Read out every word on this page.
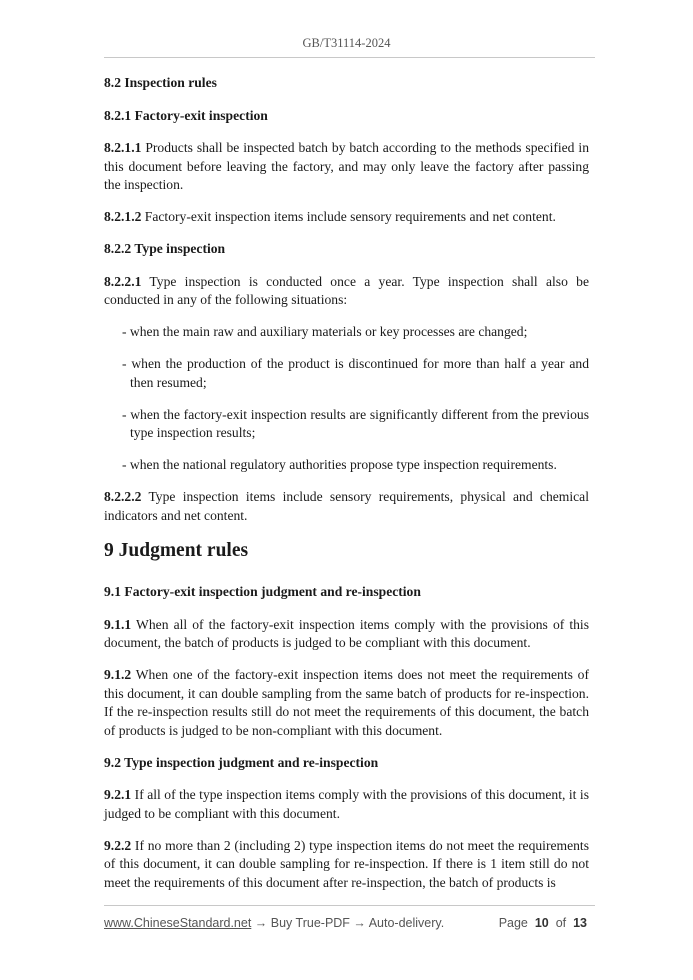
GB/T31114-2024
8.2 Inspection rules
8.2.1 Factory-exit inspection
8.2.1.1 Products shall be inspected batch by batch according to the methods specified in this document before leaving the factory, and may only leave the factory after passing the inspection.
8.2.1.2 Factory-exit inspection items include sensory requirements and net content.
8.2.2 Type inspection
8.2.2.1 Type inspection is conducted once a year. Type inspection shall also be conducted in any of the following situations:
- when the main raw and auxiliary materials or key processes are changed;
- when the production of the product is discontinued for more than half a year and then resumed;
- when the factory-exit inspection results are significantly different from the previous type inspection results;
- when the national regulatory authorities propose type inspection requirements.
8.2.2.2 Type inspection items include sensory requirements, physical and chemical indicators and net content.
9 Judgment rules
9.1 Factory-exit inspection judgment and re-inspection
9.1.1 When all of the factory-exit inspection items comply with the provisions of this document, the batch of products is judged to be compliant with this document.
9.1.2 When one of the factory-exit inspection items does not meet the requirements of this document, it can double sampling from the same batch of products for re-inspection. If the re-inspection results still do not meet the requirements of this document, the batch of products is judged to be non-compliant with this document.
9.2 Type inspection judgment and re-inspection
9.2.1 If all of the type inspection items comply with the provisions of this document, it is judged to be compliant with this document.
9.2.2 If no more than 2 (including 2) type inspection items do not meet the requirements of this document, it can double sampling for re-inspection. If there is 1 item still do not meet the requirements of this document after re-inspection, the batch of products is
www.ChineseStandard.net → Buy True-PDF → Auto-delivery.	Page 10 of 13
